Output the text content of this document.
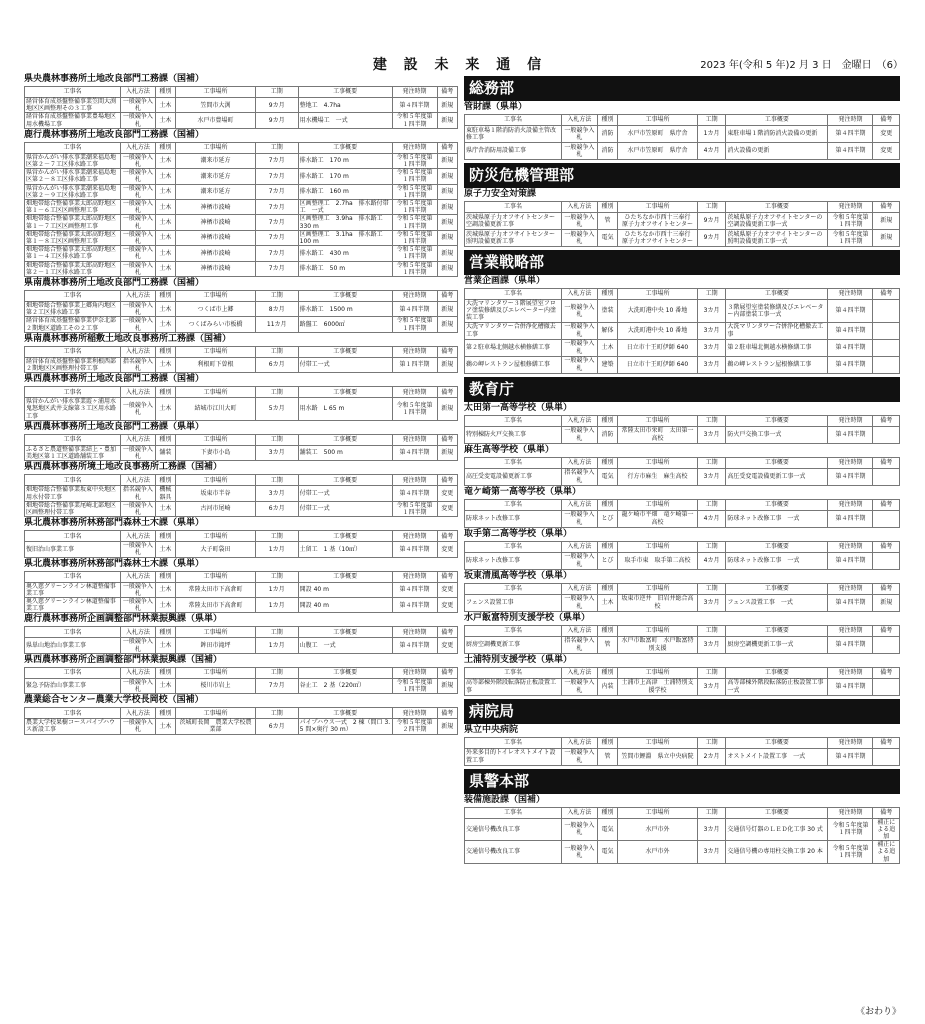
建 設 未 来 通 信	2023 年(令和 5 年)2 月 3 日　金曜日　（6）
県央農林事務所土地改良部門工務課（国補）
工事名	入札方法	種別	工事場所	工期	工事概要	発注時期	備考
経営体育成基盤整備事業笠間大渕地区区画整理その３工事	一般競争入札	土木	笠間市大渕	9カ月	整地工　4.7ha	第４四半期	新規
経営体育成基盤整備事業豊場地区用水機場工事	一般競争入札	土木	水戸市豊場町	9カ月	用水機場工　一式	令和５年度第１四半期	新規
鹿行農林事務所土地改良部門工務課（国補）
工事名	入札方法	種別	工事場所	工期	工事概要	発注時期	備考
県営かんがい排水事業潮来福島地区第２－７工区排水路工事	一般競争入札	土木	潮来市延方	7カ月	排水路工　170 m	令和５年度第１四半期	新規
県営かんがい排水事業潮来福島地区第２－８工区排水路工事	一般競争入札	土木	潮来市延方	7カ月	排水路工　170 m	令和５年度第１四半期	新規
県営かんがい排水事業潮来福島地区第２－９工区排水路工事	一般競争入札	土木	潮来市延方	7カ月	排水路工　160 m	令和５年度第１四半期	新規
畑地帯総合整備事業太郎高野地区第１－６工区区画整理工事	一般競争入札	土木	神栖市波崎	7カ月	区画整理工　2.7ha　排水路付帯工　一式	令和５年度第１四半期	新規
畑地帯総合整備事業太郎高野地区第１－７工区区画整理工事	一般競争入札	土木	神栖市波崎	7カ月	区画整理工　3.9ha　排水路工　330 m	令和５年度第１四半期	新規
畑地帯総合整備事業太郎高野地区第１－８工区区画整理工事	一般競争入札	土木	神栖市波崎	7カ月	区画整理工　3.1ha　排水路工　100 m	令和５年度第１四半期	新規
畑地帯総合整備事業太郎高野地区第１－４工区排水路工事	一般競争入札	土木	神栖市波崎	7カ月	排水路工　430 m	令和５年度第１四半期	新規
畑地帯総合整備事業太郎高野地区第２－１工区排水路工事	一般競争入札	土木	神栖市波崎	7カ月	排水路工　50 m	令和５年度第１四半期	新規
県南農林事務所土地改良部門工務課（国補）
工事名	入札方法	種別	工事場所	工期	工事概要	発注時期	備考
畑地帯総合整備事業上郷角内地区第２工区排水路工事	一般競争入札	土木	つくば市上郷	8カ月	排水路工　1500 m	第４四半期	新規
経営体育成基盤整備事業伊奈北部２期地区道路工その２工事	一般競争入札	土木	つくばみらい市板橋	11カ月	路盤工　6000㎡	令和５年度第１四半期	新規
県南農林事務所稲敷土地改良事務所工務課（国補）
工事名	入札方法	種別	工事場所	工期	工事概要	発注時期	備考
経営体育成基盤整備事業利根西部２期地区区画整理付帯工事	指名競争入札	土木	利根町下曽根	6カ月	付帯工一式	第１四半期	新規
県西農林事務所土地改良部門工務課（国補）
工事名	入札方法	種別	工事場所	工期	工事概要	発注時期	備考
県営かんがい排水事業霞ヶ浦用水鬼怒地区武井支線第３工区用水路工事	一般競争入札	土木	結城市江川大町	5カ月	用水路　L 65 m	令和５年度第１四半期	新規
県西農林事務所土地改良部門工務課（県単）
工事名	入札方法	種別	工事場所	工期	工事概要	発注時期	備考
ふるさと農道整備事業結上・豊加美地区第１工区道路舗装工事	一般競争入札	舗装	下妻市小島	3カ月	舗装工　500 m	第４四半期	新規
県西農林事務所境土地改良事務所工務課（国補）
工事名	入札方法	種別	工事場所	工期	工事概要	発注時期	備考
畑地帯総合整備事業坂東中央地区用水付帯工事	指名競争入札	機械器具	坂東市半谷	3カ月	付帯工一式	第４四半期	変更
畑地帯総合整備事業尾崎北部地区区画整理付帯工事	一般競争入札	土木	古河市尾崎	6カ月	付帯工一式	令和５年度第１四半期	変更
県北農林事務所林務部門森林土木課（県単）
工事名	入札方法	種別	工事場所	工期	工事概要	発注時期	備考
復旧治山事業工事	一般競争入札	土木	大子町袋田	1カ月	土留工　1 基（10㎡）	第４四半期	変更
県北農林事務所林務部門森林土木課（県単）
工事名	入札方法	種別	工事場所	工期	工事概要	発注時期	備考
奥久慈グリーンライン林道整備事業工事	一般競争入札	土木	常陸太田市下高倉町	1カ月	開設 40 m	第４四半期	変更
奥久慈グリーンライン林道整備事業工事	一般競争入札	土木	常陸太田市下高倉町	1カ月	開設 40 m	第４四半期	変更
鹿行農林事務所企画調整部門林業振興課（県単）
工事名	入札方法	種別	工事場所	工期	工事概要	発注時期	備考
県単山地治山事業工事	一般競争入札	土木	鉾田市滝坪	1カ月	山腹工　一式	第４四半期	変更
県西農林事務所企画調整部門林業振興課（国補）
工事名	入札方法	種別	工事場所	工期	工事概要	発注時期	備考
緊急予防治山事業工事	一般競争入札	土木	桜川市岩上	7カ月	谷止工　2 基（220㎡）	令和５年度第１四半期	新規
農業総合センター農業大学校長岡校（国補）
工事名	入札方法	種別	工事場所	工期	工事概要	発注時期	備考
農業大学校果樹コースパイプハウス新設工事	一般競争入札	土木	茨城町長岡　農業大学校農業部	6カ月	パイプハウス一式　2 棟（間口 3.5 間×奥行 30 m）	令和５年度第２四半期	新規
総務部
管財課（県単）
工事名	入札方法	種別	工事場所	工期	工事概要	発注時期	備考
東駐車場１階消防消火設備主管改修工事	一般競争入札	消防	水戸市笠原町　県庁舎	1カ月	東駐車場１階消防消火設備の更新	第４四半期	変更
県庁舎消防用設備工事	一般競争入札	消防	水戸市笠原町　県庁舎	4カ月	消火設備の更新	第４四半期	変更
防災危機管理部
原子力安全対策課
工事名	入札方法	種別	工事場所	工期	工事概要	発注時期	備考
茨城県原子力オフサイトセンター空調設備更新工事	一般競争入札	管	ひたちなか市西十三奉行　原子力オフサイトセンター	9カ月	茨城県原子力オフサイトセンターの空調設備更新工事一式	令和５年度第１四半期	新規
茨城県原子力オフサイトセンター照明設備更新工事	一般競争入札	電気	ひたちなか市西十三奉行　原子力オフサイトセンター	9カ月	茨城県原子力オフサイトセンターの照明設備更新工事一式	令和５年度第１四半期	新規
営業戦略部
営業企画課（県単）
工事名	入札方法	種別	工事場所	工期	工事概要	発注時期	備考
大洗マリンタワー３階展望室フロア塗装修繕及びエレベーター内塗装工事	一般競争入札	塗装	大洗町港中央 10 番地	3カ月	３階展望室塗装修繕及びエレベーター内部塗装工事一式	第４四半期	
大洗マリンタワー合併浄化槽撤去工事	一般競争入札	解体	大洗町港中央 10 番地	3カ月	大洗マリンタワー合併浄化槽撤去工事	第４四半期	
第２駐車場北側越水横修繕工事	一般競争入札	土木	日立市十王町伊師 640	3カ月	第２駐車場北側越水横修繕工事	第４四半期	
鵜の岬レストラン屋根修繕工事	一般競争入札	建築	日立市十王町伊師 640	3カ月	鵜の岬レストラン屋根修繕工事	第４四半期	
教育庁
太田第一高等学校（県単）
工事名	入札方法	種別	工事場所	工期	工事概要	発注時期	備考
特別棟防火戸交換工事	一般競争入札	消防	常陸太田市栄町　太田第一高校	3カ月	防火戸交換工事一式	第４四半期	
麻生高等学校（県単）
工事名	入札方法	種別	工事場所	工期	工事概要	発注時期	備考
高圧受変電設備更新工事	指名競争入札	電気	行方市麻生　麻生高校	3カ月	高圧受変電設備更新工事一式	第４四半期	
竜ケ崎第一高等学校（県単）
工事名	入札方法	種別	工事場所	工期	工事概要	発注時期	備考
防球ネット改修工事	一般競争入札	とび	龍ケ崎市平畑　竜ケ崎第一高校	4カ月	防球ネット改修工事　一式	第４四半期	
取手第二高等学校（県単）
工事名	入札方法	種別	工事場所	工期	工事概要	発注時期	備考
防球ネット改修工事	一般競争入札	とび	取手市東　取手第二高校	4カ月	防球ネット改修工事　一式	第４四半期	
坂東清風高等学校（県単）
工事名	入札方法	種別	工事場所	工期	工事概要	発注時期	備考
フェンス設置工事	一般競争入札	土木	坂東市逆井　旧岩井総合高校	3カ月	フェンス設置工事　一式	第４四半期	新規
水戸飯富特別支援学校（県単）
工事名	入札方法	種別	工事場所	工期	工事概要	発注時期	備考
厨房空調機更新工事	指名競争入札	管	水戸市飯富町　水戸飯富特別支援	3カ月	厨房空調機更新工事一式	第４四半期	
土浦特別支援学校（県単）
工事名	入札方法	種別	工事場所	工期	工事概要	発注時期	備考
高等部棟外階段転落防止板設置工事	一般競争入札	内装	土浦市上高津　土浦特別支援学校	3カ月	高等部棟外階段転落防止板設置工事　一式	第４四半期	
病院局
県立中央病院
工事名	入札方法	種別	工事場所	工期	工事概要	発注時期	備考
外来多目的トイレオストメイト設置工事	一般競争入札	管	笠間市鯉淵　県立中央病院	2カ月	オストメイト設置工事　一式	第４四半期	
県警本部
装備施設課（国補）
工事名	入札方法	種別	工事場所	工期	工事概要	発注時期	備考
交通信号機改良工事	一般競争入札	電気	水戸市外	3カ月	交通信号灯器のＬＥＤ化工事 30 式	令和５年度第１四半期	補正による追加
交通信号機改良工事	一般競争入札	電気	水戸市外	3カ月	交通信号機の専用柱交換工事 20 本	令和５年度第１四半期	補正による追加
《おわり》
